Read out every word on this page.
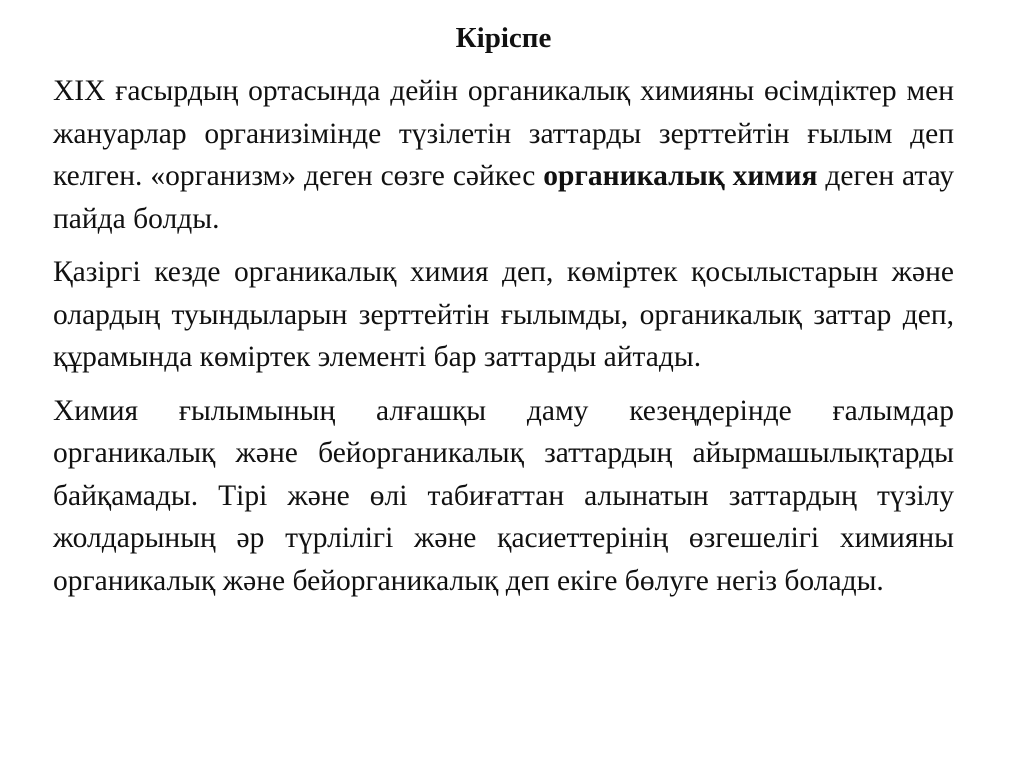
Кіріспе

XIX ғасырдың ортасында дейін органикалық химияны өсімдіктер мен жануарлар организімінде түзілетін заттарды зерттейтін ғылым деп келген. «организм» деген сөзге сәйкес органикалық химия деген атау пайда болды.

Қазіргі кезде органикалық химия деп, көміртек қосылыстарын және олардың туындыларын зерттейтін ғылымды, органикалық заттар деп, құрамында көміртек элементі бар заттарды айтады.

Химия ғылымының алғашқы даму кезеңдерінде ғалымдар органикалық және бейорганикалық заттардың айырмашылықтарды байқамады. Тірі және өлі табиғаттан алынатын заттардың түзілу жолдарының әр түрлілігі және қасиеттерінің өзгешелігі химияны органикалық және бейорганикалық деп екіге бөлуге негіз болады.
